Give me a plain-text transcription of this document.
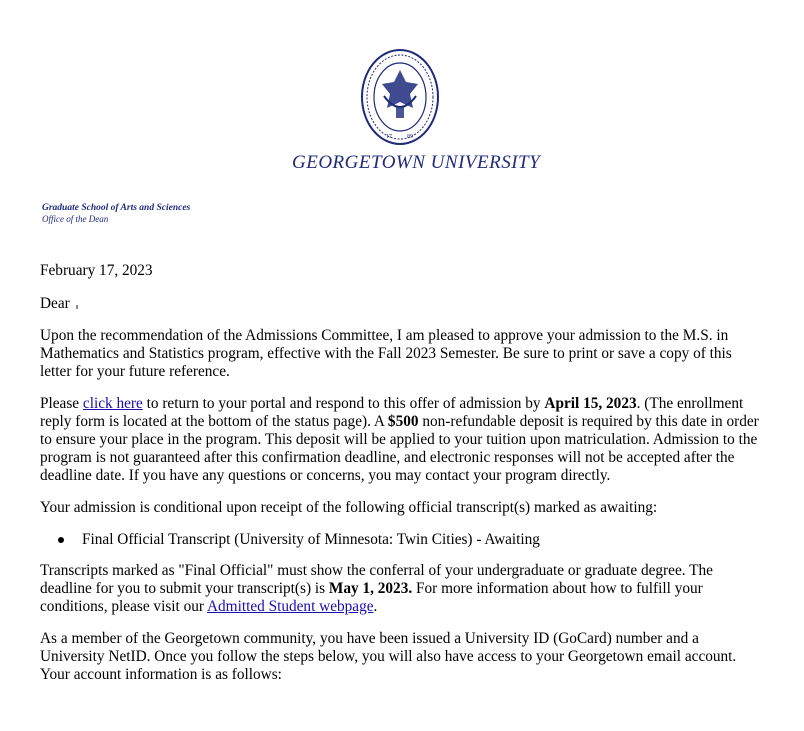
17	89
GEORGETOWN UNIVERSITY
Graduate School of Arts and Sciences
Office of the Dean

February 17, 2023

Dear

Upon the recommendation of the Admissions Committee, I am pleased to approve your admission to the M.S. in Mathematics and Statistics program, effective with the Fall 2023 Semester. Be sure to print or save a copy of this letter for your future reference.

Please click here to return to your portal and respond to this offer of admission by April 15, 2023. (The enrollment reply form is located at the bottom of the status page). A $500 non-refundable deposit is required by this date in order to ensure your place in the program. This deposit will be applied to your tuition upon matriculation. Admission to the program is not guaranteed after this confirmation deadline, and electronic responses will not be accepted after the deadline date. If you have any questions or concerns, you may contact your program directly.

Your admission is conditional upon receipt of the following official transcript(s) marked as awaiting:

Final Official Transcript (University of Minnesota: Twin Cities) - Awaiting

Transcripts marked as "Final Official" must show the conferral of your undergraduate or graduate degree. The deadline for you to submit your transcript(s) is May 1, 2023. For more information about how to fulfill your conditions, please visit our Admitted Student webpage.

As a member of the Georgetown community, you have been issued a University ID (GoCard) number and a University NetID. Once you follow the steps below, you will also have access to your Georgetown email account. Your account information is as follows:
